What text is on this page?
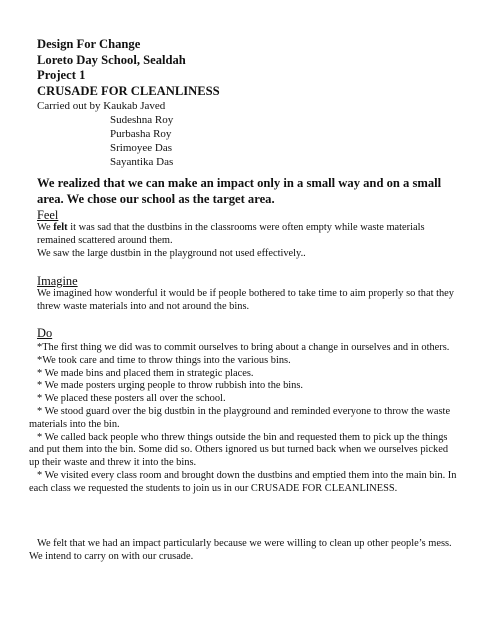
Design For Change
Loreto Day School, Sealdah
Project 1
CRUSADE FOR CLEANLINESS
Carried out by Kaukab Javed
Sudeshna Roy
Purbasha Roy
Srimoyee Das
Sayantika Das
We realized that we can make an impact only in a small way and on a small area. We chose our school as the target area.
Feel

We felt it was sad that the dustbins in the classrooms were often empty while waste materials remained scattered around them.

We saw the large dustbin in the playground not used effectively..

Imagine
We imagined how wonderful it would be if people bothered to take time to aim properly so that they threw waste materials into and not around the bins.
Do

*The first thing we did was to commit ourselves to bring about a change in ourselves and in others.

*We took care and time to throw things into the various bins.

* We made bins and placed them in strategic places.

* We made posters urging people to throw rubbish into the bins.

* We placed these posters all over the school.

* We stood guard over the big dustbin in the playground and reminded everyone to throw the waste materials into the bin.

* We called back people who threw things outside the bin and requested them to pick up the things and put them into the bin. Some did so. Others ignored us but turned back when we ourselves picked up their waste and threw it into the bins.

* We visited every class room and brought down the dustbins and emptied them into the main bin. In each class we requested the students to join us in our CRUSADE FOR CLEANLINESS.

We felt that we had an impact particularly because we were willing to clean up other people’s mess. We intend to carry on with our crusade.
